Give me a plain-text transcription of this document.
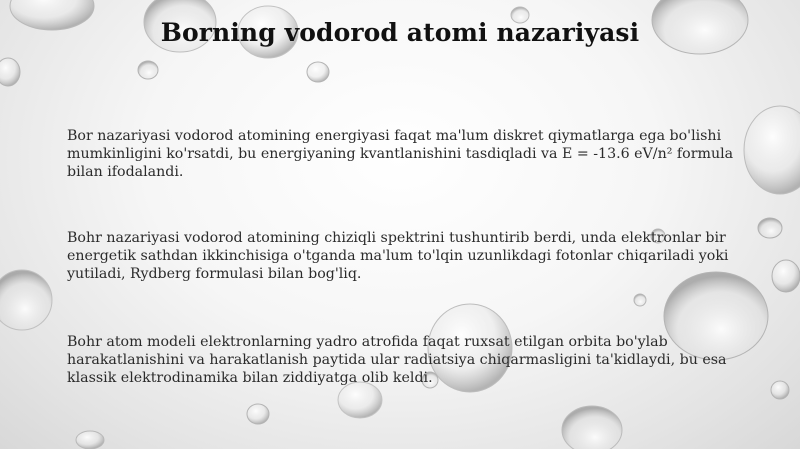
Borning vodorod atomi nazariyasi
Bor nazariyasi vodorod atomining energiyasi faqat ma'lum diskret qiymatlarga ega bo'lishi mumkinligini ko'rsatdi, bu energiyaning kvantlanishini tasdiqladi va E = -13.6 eV/n² formula bilan ifodalandi.
Bohr nazariyasi vodorod atomining chiziqli spektrini tushuntirib berdi, unda elektronlar bir energetik sathdan ikkinchisiga o'tganda ma'lum to'lqin uzunlikdagi fotonlar chiqariladi yoki yutiladi, Rydberg formulasi bilan bog'liq.
Bohr atom modeli elektronlarning yadro atrofida faqat ruxsat etilgan orbita bo'ylab harakatlanishini va harakatlanish paytida ular radiatsiya chiqarmasligini ta'kidlaydi, bu esa klassik elektrodinamika bilan ziddiyatga olib keldi.
